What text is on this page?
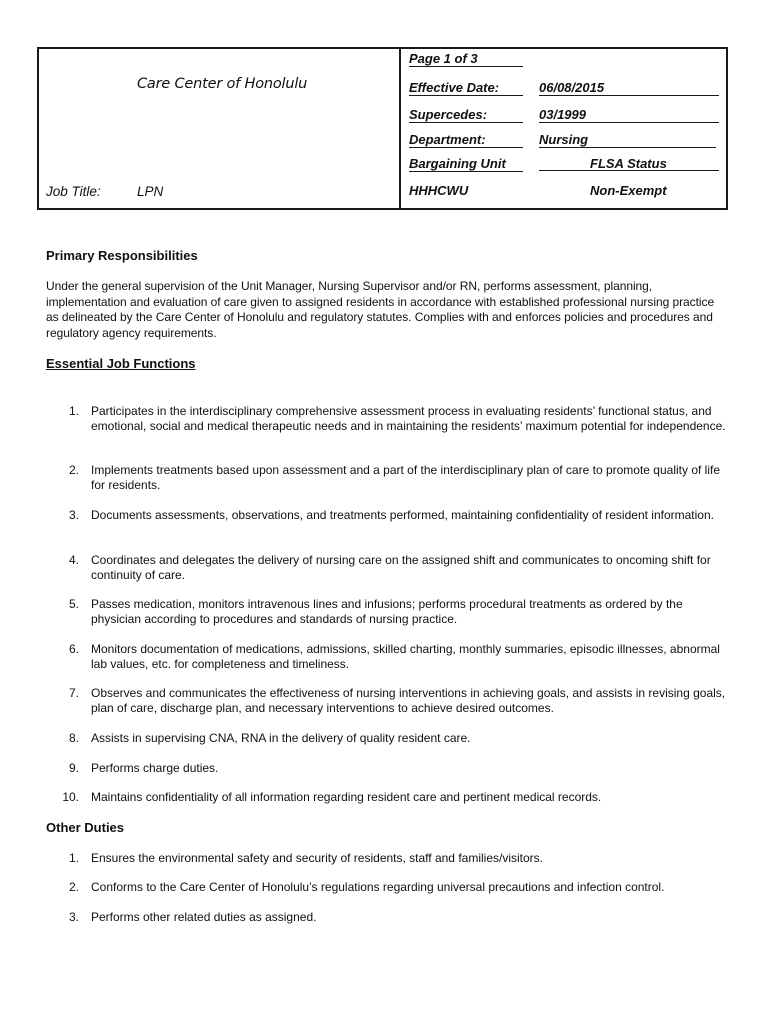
Care Center of Honolulu
Job Title:	LPN
Page 1 of 3
Effective Date:	06/08/2015
Supercedes:	03/1999
Department:	Nursing
Bargaining Unit	FLSA Status
HHHCWU	Non-Exempt
Primary Responsibilities
Under the general supervision of the Unit Manager, Nursing Supervisor and/or RN, performs assessment, planning, implementation and evaluation of care given to assigned residents in accordance with established professional nursing practice as delineated by the Care Center of Honolulu and regulatory statutes. Complies with and enforces policies and procedures and regulatory agency requirements.
Essential Job Functions
1. Participates in the interdisciplinary comprehensive assessment process in evaluating residents’ functional status, and emotional, social and medical therapeutic needs and in maintaining the residents’ maximum potential for independence.
2. Implements treatments based upon assessment and a part of the interdisciplinary plan of care to promote quality of life for residents.
3. Documents assessments, observations, and treatments performed, maintaining confidentiality of resident information.
4. Coordinates and delegates the delivery of nursing care on the assigned shift and communicates to oncoming shift for continuity of care.
5. Passes medication, monitors intravenous lines and infusions; performs procedural treatments as ordered by the physician according to procedures and standards of nursing practice.
6. Monitors documentation of medications, admissions, skilled charting, monthly summaries, episodic illnesses, abnormal lab values, etc. for completeness and timeliness.
7. Observes and communicates the effectiveness of nursing interventions in achieving goals, and assists in revising goals, plan of care, discharge plan, and necessary interventions to achieve desired outcomes.
8. Assists in supervising CNA, RNA in the delivery of quality resident care.
9. Performs charge duties.
10. Maintains confidentiality of all information regarding resident care and pertinent medical records.
Other Duties
1. Ensures the environmental safety and security of residents, staff and families/visitors.
2. Conforms to the Care Center of Honolulu’s regulations regarding universal precautions and infection control.
3. Performs other related duties as assigned.
